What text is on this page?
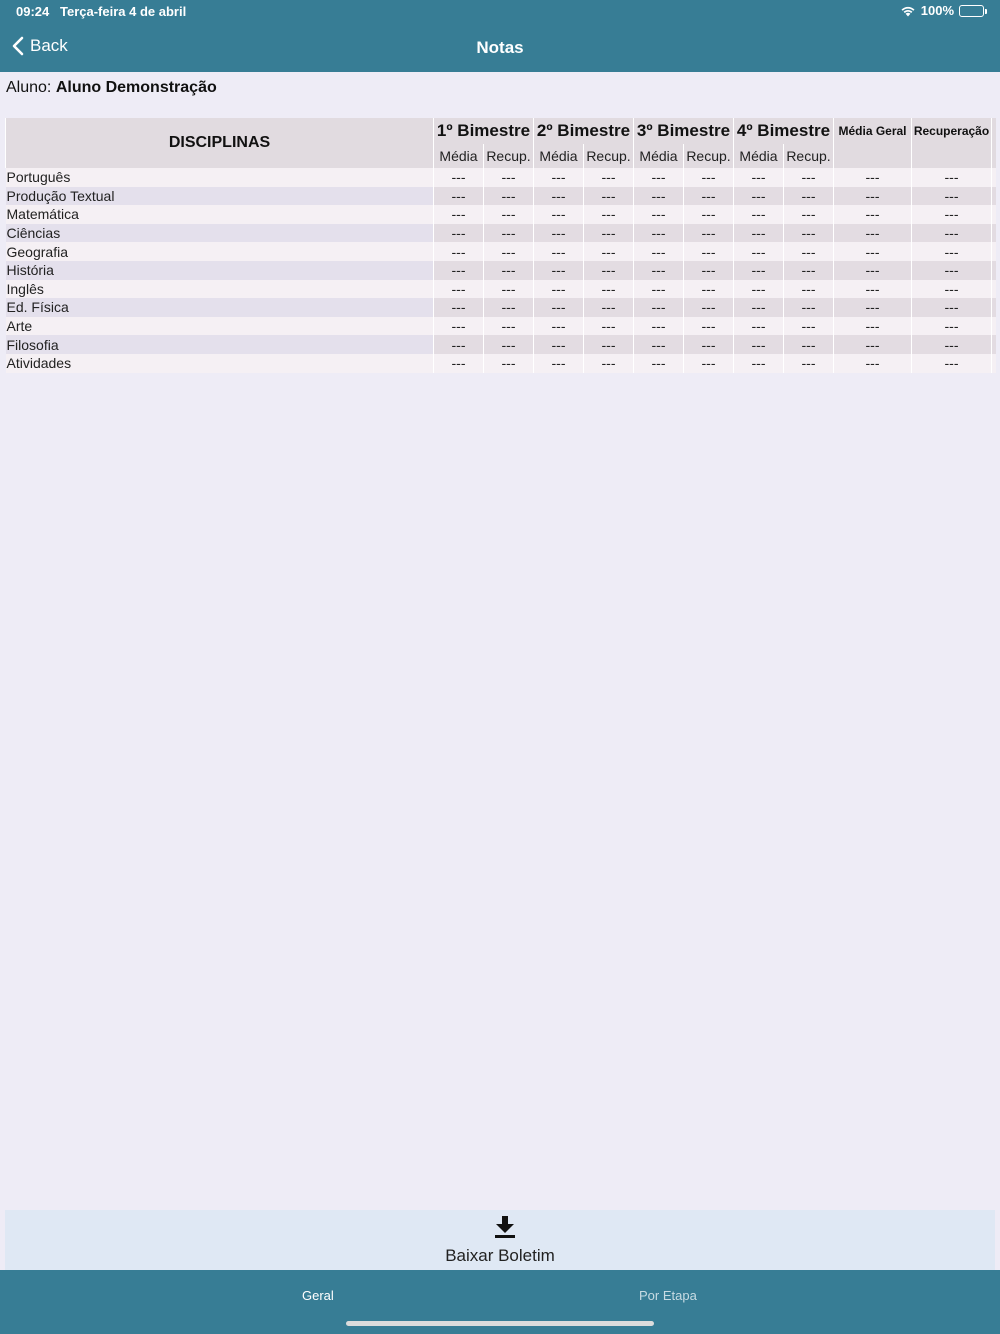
09:24 Terça-feira 4 de abril	100%
Back	Notas
Aluno: Aluno Demonstração
DISCIPLINAS	1º Bimestre		2º Bimestre		3º Bimestre		4º Bimestre		Média Geral	Recuperação	
	Média	Recup.	Média	Recup.	Média	Recup.	Média	Recup.			
Português	---	---	---	---	---	---	---	---	---	---	
Produção Textual	---	---	---	---	---	---	---	---	---	---	
Matemática	---	---	---	---	---	---	---	---	---	---	
Ciências	---	---	---	---	---	---	---	---	---	---	
Geografia	---	---	---	---	---	---	---	---	---	---	
História	---	---	---	---	---	---	---	---	---	---	
Inglês	---	---	---	---	---	---	---	---	---	---	
Ed. Física	---	---	---	---	---	---	---	---	---	---	
Arte	---	---	---	---	---	---	---	---	---	---	
Filosofia	---	---	---	---	---	---	---	---	---	---	
Atividades	---	---	---	---	---	---	---	---	---	---	
Baixar Boletim
Geral	Por Etapa
